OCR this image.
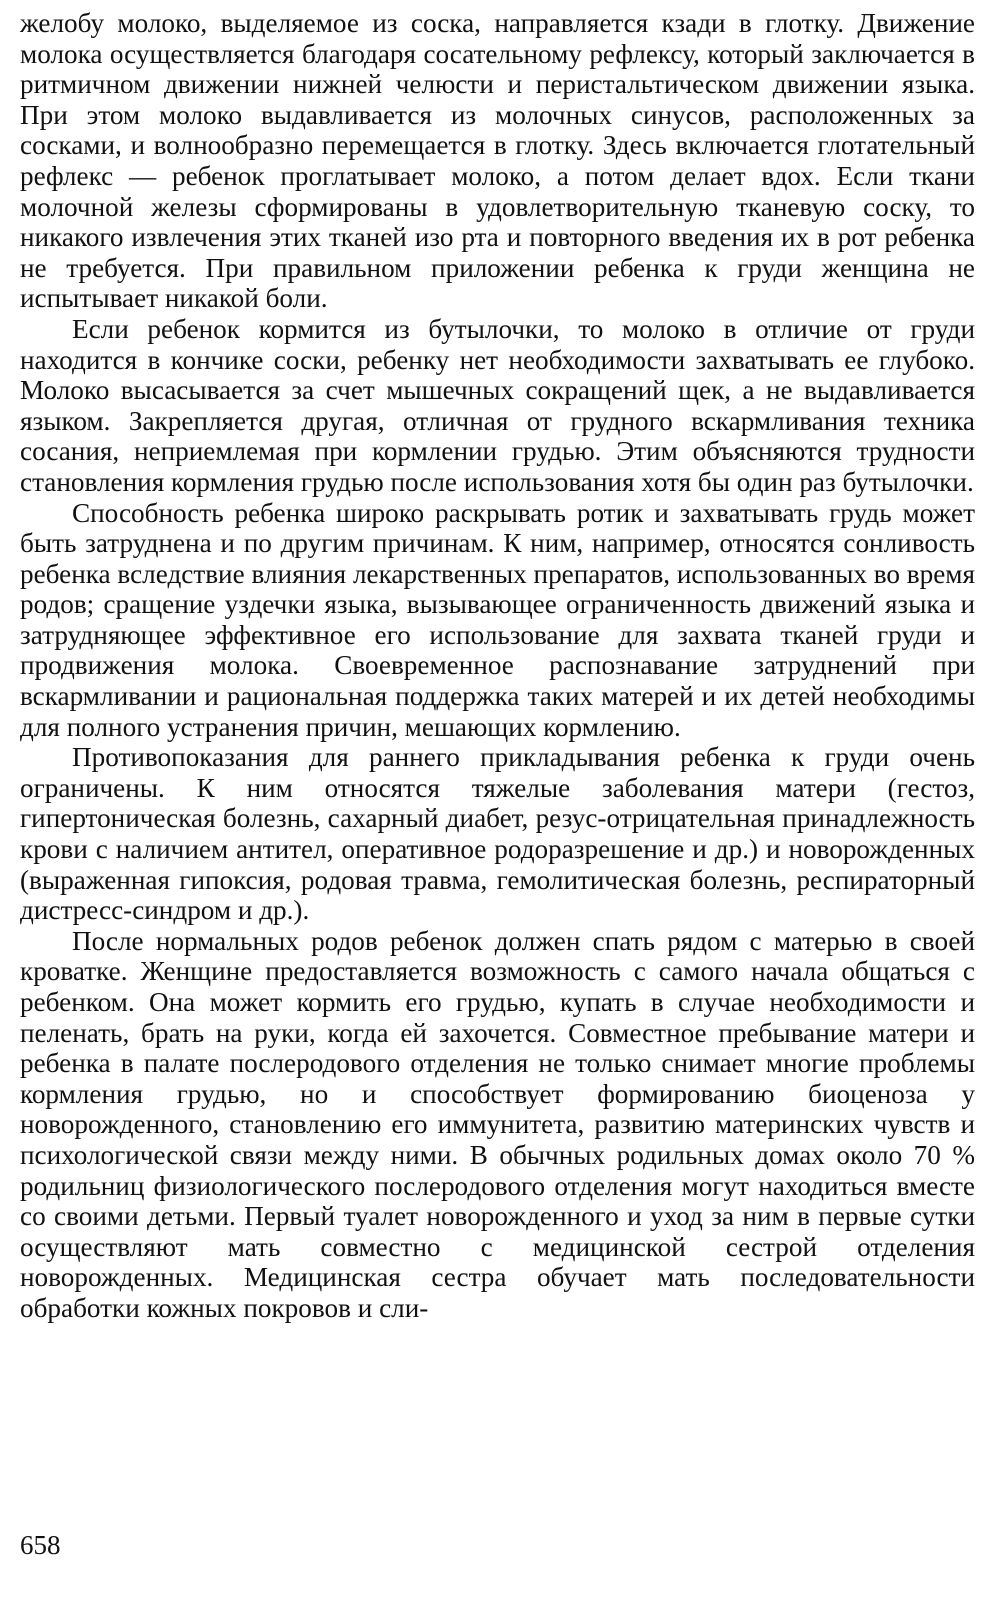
желобу молоко, выделяемое из соска, направляется кзади в глотку. Движение молока осуществляется благодаря сосательному рефлексу, который заключается в ритмичном движении нижней челюсти и перистальтическом движении языка. При этом молоко выдавливается из молочных синусов, расположенных за сосками, и волнообразно перемещается в глотку. Здесь включается глотательный рефлекс — ребенок проглатывает молоко, а потом делает вдох. Если ткани молочной железы сформированы в удовлетворительную тканевую соску, то никакого извлечения этих тканей изо рта и повторного введения их в рот ребенка не требуется. При правильном приложении ребенка к груди женщина не испытывает никакой боли.

Если ребенок кормится из бутылочки, то молоко в отличие от груди находится в кончике соски, ребенку нет необходимости захватывать ее глубоко. Молоко высасывается за счет мышечных сокращений щек, а не выдавливается языком. Закрепляется другая, отличная от грудного вскармливания техника сосания, неприемлемая при кормлении грудью. Этим объясняются трудности становления кормления грудью после использования хотя бы один раз бутылочки.

Способность ребенка широко раскрывать ротик и захватывать грудь может быть затруднена и по другим причинам. К ним, например, относятся сонливость ребенка вследствие влияния лекарственных препаратов, использованных во время родов; сращение уздечки языка, вызывающее ограниченность движений языка и затрудняющее эффективное его использование для захвата тканей груди и продвижения молока. Своевременное распознавание затруднений при вскармливании и рациональная поддержка таких матерей и их детей необходимы для полного устранения причин, мешающих кормлению.

Противопоказания для раннего прикладывания ребенка к груди очень ограничены. К ним относятся тяжелые заболевания матери (гестоз, гипертоническая болезнь, сахарный диабет, резус-отрицательная принадлежность крови с наличием антител, оперативное родоразрешение и др.) и новорожденных (выраженная гипоксия, родовая травма, гемолитическая болезнь, респираторный дистресс-синдром и др.).

После нормальных родов ребенок должен спать рядом с матерью в своей кроватке. Женщине предоставляется возможность с самого начала общаться с ребенком. Она может кормить его грудью, купать в случае необходимости и пеленать, брать на руки, когда ей захочется. Совместное пребывание матери и ребенка в палате послеродового отделения не только снимает многие проблемы кормления грудью, но и способствует формированию биоценоза у новорожденного, становлению его иммунитета, развитию материнских чувств и психологической связи между ними. В обычных родильных домах около 70 % родильниц физиологического послеродового отделения могут находиться вместе со своими детьми. Первый туалет новорожденного и уход за ним в первые сутки осуществляют мать совместно с медицинской сестрой отделения новорожденных. Медицинская сестра обучает мать последовательности обработки кожных покровов и сли-

658
